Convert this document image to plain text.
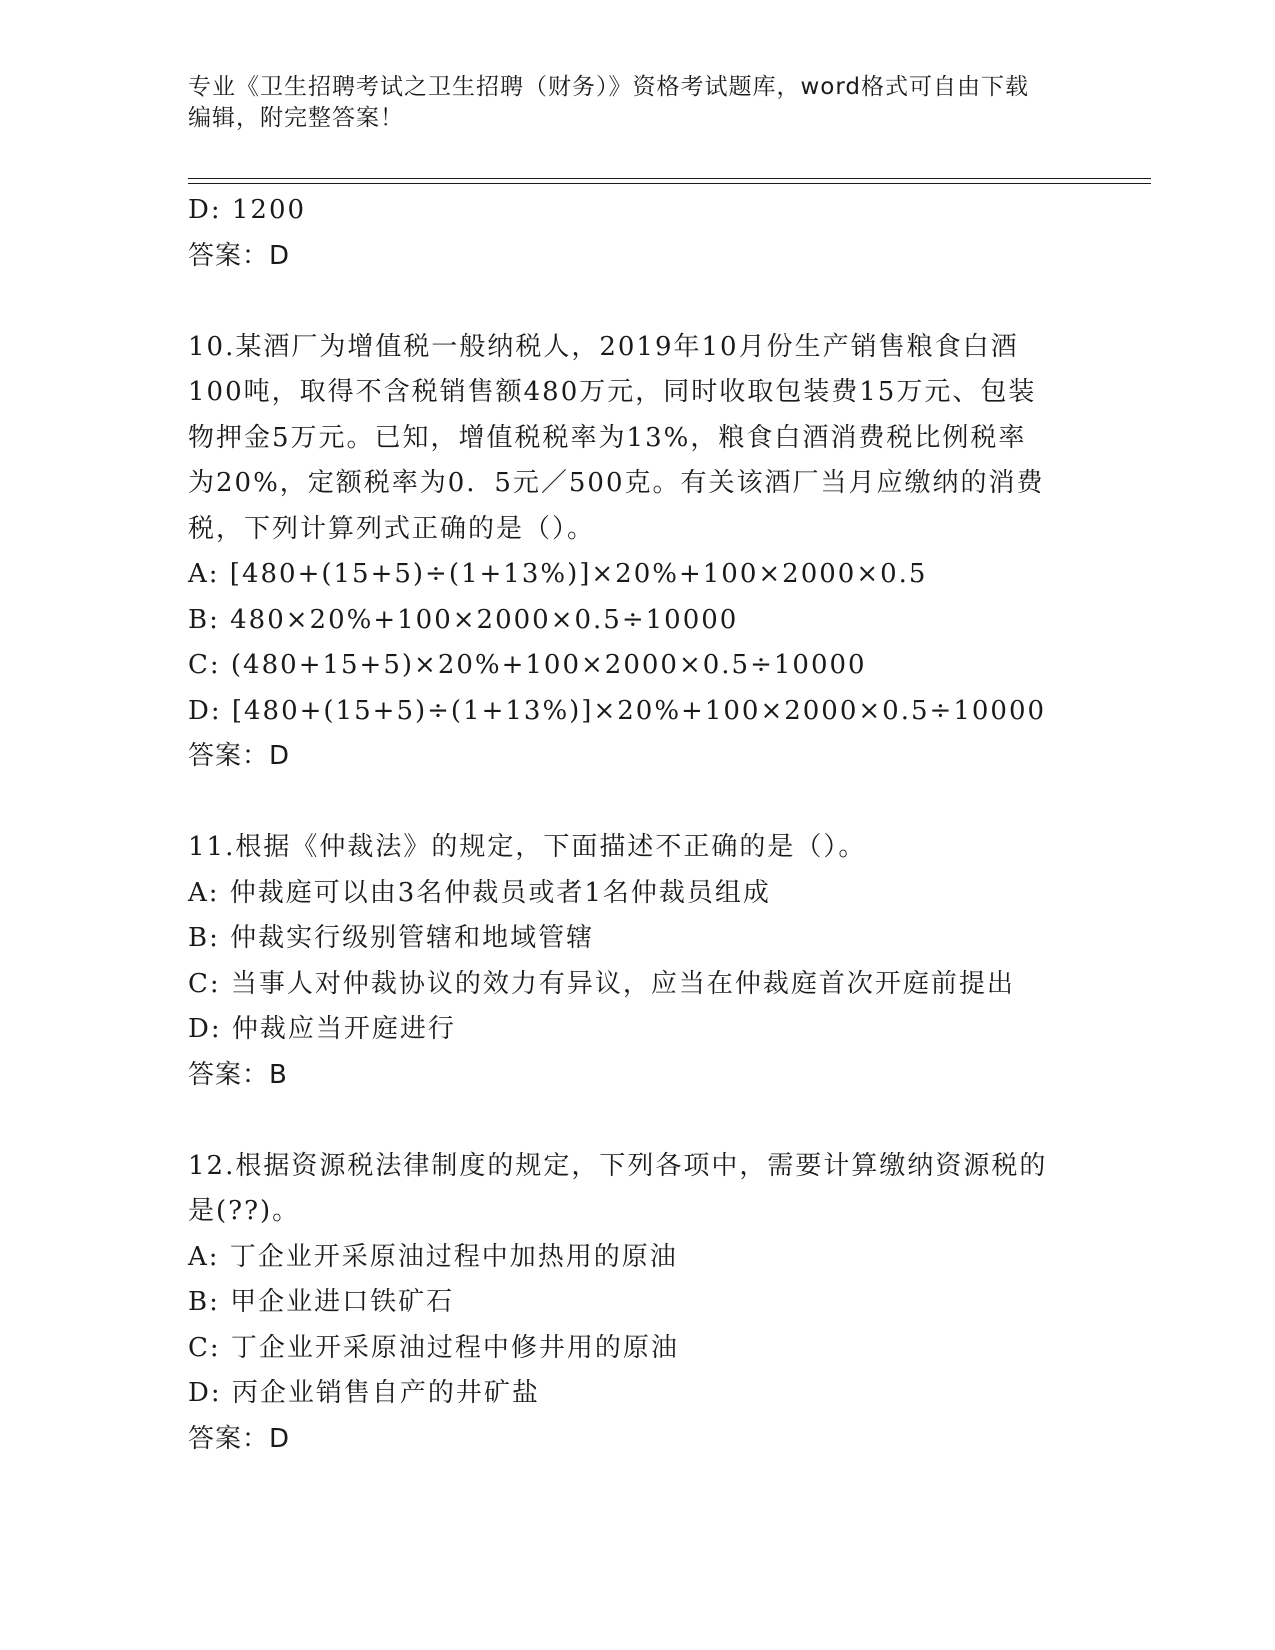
专业《卫生招聘考试之卫生招聘（财务）》资格考试题库，word格式可自由下载
编辑，附完整答案！
D: 1200
答案：D
10.某酒厂为增值税一般纳税人，2019年10月份生产销售粮食白酒
100吨，取得不含税销售额480万元，同时收取包装费15万元、包装
物押金5万元。已知，增值税税率为13%，粮食白酒消费税比例税率
为20%，定额税率为0．5元／500克。有关该酒厂当月应缴纳的消费
税，下列计算列式正确的是（）。
A: [480+(15+5)÷(1+13%)]×20%+100×2000×0.5
B: 480×20%+100×2000×0.5÷10000
C: (480+15+5)×20%+100×2000×0.5÷10000
D: [480+(15+5)÷(1+13%)]×20%+100×2000×0.5÷10000
答案：D
11.根据《仲裁法》的规定，下面描述不正确的是（）。
A: 仲裁庭可以由3名仲裁员或者1名仲裁员组成
B: 仲裁实行级别管辖和地域管辖
C: 当事人对仲裁协议的效力有异议，应当在仲裁庭首次开庭前提出
D: 仲裁应当开庭进行
答案：B
12.根据资源税法律制度的规定，下列各项中，需要计算缴纳资源税的
是(??)。
A: 丁企业开采原油过程中加热用的原油
B: 甲企业进口铁矿石
C: 丁企业开采原油过程中修井用的原油
D: 丙企业销售自产的井矿盐
答案：D
